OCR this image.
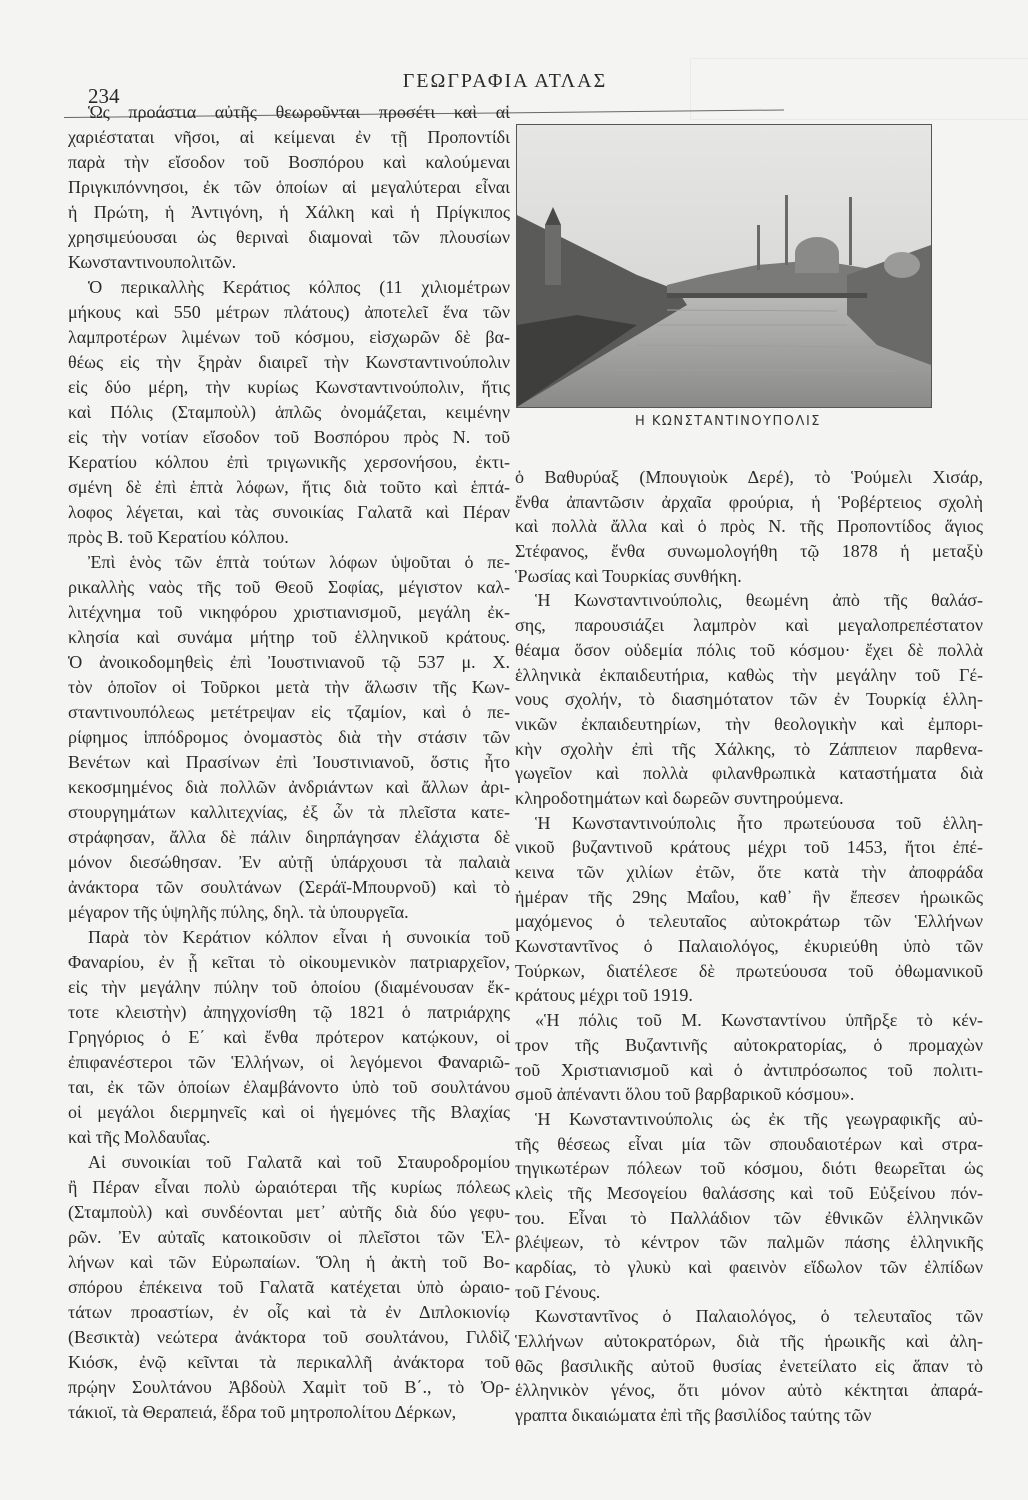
234
ΓΕΩΓΡΑΦΙΑ ΑΤΛΑΣ
Ὡς προάστια αὐτῆς θεωροῦνται προσέτι καὶ αἱ
χαριέσταται νῆσοι, αἱ κείμεναι ἐν τῇ Προποντίδι
παρὰ τὴν εἴσοδον τοῦ Βοσπόρου καὶ καλούμεναι
Πριγκιπόννησοι, ἐκ τῶν ὁποίων αἱ μεγαλύτεραι εἶναι
ἡ Πρώτη, ἡ Ἀντιγόνη, ἡ Χάλκη καὶ ἡ Πρίγκιπος
χρησιμεύουσαι ὡς θεριναὶ διαμοναὶ τῶν πλουσίων
Κωνσταντινουπολιτῶν.
Ὁ περικαλλὴς Κεράτιος κόλπος (11 χιλιομέτρων
μήκους καὶ 550 μέτρων πλάτους) ἀποτελεῖ ἕνα τῶν
λαμπροτέρων λιμένων τοῦ κόσμου, εἰσχωρῶν δὲ βα-
θέως εἰς τὴν ξηρὰν διαιρεῖ τὴν Κωνσταντινούπολιν
εἰς δύο μέρη, τὴν κυρίως Κωνσταντινούπολιν, ἥτις
καὶ Πόλις (Σταμποὺλ) ἁπλῶς ὀνομάζεται, κειμένην
εἰς τὴν νοτίαν εἴσοδον τοῦ Βοσπόρου πρὸς Ν. τοῦ
Κερατίου κόλπου ἐπὶ τριγωνικῆς χερσονήσου, ἐκτι-
σμένη δὲ ἐπὶ ἑπτὰ λόφων, ἥτις διὰ τοῦτο καὶ ἑπτά-
λοφος λέγεται, καὶ τὰς συνοικίας Γαλατᾶ καὶ Πέραν
πρὸς Β. τοῦ Κερατίου κόλπου.
Ἐπὶ ἑνὸς τῶν ἑπτὰ τούτων λόφων ὑψοῦται ὁ πε-
ρικαλλὴς ναὸς τῆς τοῦ Θεοῦ Σοφίας, μέγιστον καλ-
λιτέχνημα τοῦ νικηφόρου χριστιανισμοῦ, μεγάλη ἐκ-
κλησία καὶ συνάμα μήτηρ τοῦ ἑλληνικοῦ κράτους.
Ὁ ἀνοικοδομηθεὶς ἐπὶ Ἰουστινιανοῦ τῷ 537 μ. Χ.
τὸν ὁποῖον οἱ Τοῦρκοι μετὰ τὴν ἅλωσιν τῆς Κων-
σταντινουπόλεως μετέτρεψαν εἰς τζαμίον, καὶ ὁ πε-
ρίφημος ἱππόδρομος ὀνομαστὸς διὰ τὴν στάσιν τῶν
Βενέτων καὶ Πρασίνων ἐπὶ Ἰουστινιανοῦ, ὅστις ἦτο
κεκοσμημένος διὰ πολλῶν ἀνδριάντων καὶ ἄλλων ἀρι-
στουργημάτων καλλιτεχνίας, ἐξ ὧν τὰ πλεῖστα κατε-
στράφησαν, ἄλλα δὲ πάλιν διηρπάγησαν ἐλάχιστα δὲ
μόνον διεσώθησαν. Ἐν αὐτῇ ὑπάρχουσι τὰ παλαιὰ
ἀνάκτορα τῶν σουλτάνων (Σεράϊ-Μπουρνοῦ) καὶ τὸ
μέγαρον τῆς ὑψηλῆς πύλης, δηλ. τὰ ὑπουργεῖα.
Παρὰ τὸν Κεράτιον κόλπον εἶναι ἡ συνοικία τοῦ
Φαναρίου, ἐν ᾗ κεῖται τὸ οἰκουμενικὸν πατριαρχεῖον,
εἰς τὴν μεγάλην πύλην τοῦ ὁποίου (διαμένουσαν ἔκ-
τοτε κλειστὴν) ἀπηγχονίσθη τῷ 1821 ὁ πατριάρχης
Γρηγόριος ὁ Ε΄ καὶ ἔνθα πρότερον κατῴκουν, οἱ
ἐπιφανέστεροι τῶν Ἑλλήνων, οἱ λεγόμενοι Φαναριῶ-
ται, ἐκ τῶν ὁποίων ἐλαμβάνοντο ὑπὸ τοῦ σουλτάνου
οἱ μεγάλοι διερμηνεῖς καὶ οἱ ἡγεμόνες τῆς Βλαχίας
καὶ τῆς Μολδαυΐας.
Αἱ συνοικίαι τοῦ Γαλατᾶ καὶ τοῦ Σταυροδρομίου
ἢ Πέραν εἶναι πολὺ ὡραιότεραι τῆς κυρίως πόλεως
(Σταμποὺλ) καὶ συνδέονται μετ᾽ αὐτῆς διὰ δύο γεφυ-
ρῶν. Ἐν αὐταῖς κατοικοῦσιν οἱ πλεῖστοι τῶν Ἑλ-
λήνων καὶ τῶν Εὐρωπαίων. Ὅλη ἡ ἀκτὴ τοῦ Βο-
σπόρου ἐπέκεινα τοῦ Γαλατᾶ κατέχεται ὑπὸ ὡραιο-
τάτων προαστίων, ἐν οἷς καὶ τὰ ἐν Διπλοκιονίῳ
(Βεσικτὰ) νεώτερα ἀνάκτορα τοῦ σουλτάνου, Γιλδὶζ
Κιόσκ, ἐνῷ κεῖνται τὰ περικαλλῆ ἀνάκτορα τοῦ
πρῴην Σουλτάνου Ἀβδοὺλ Χαμὶτ τοῦ Β΄., τὸ Ὀρ-
τάκιοϊ, τὰ Θεραπειά, ἕδρα τοῦ μητροπολίτου Δέρκων,
Η ΚΩΝΣΤΑΝΤΙΝΟΥΠΟΛΙΣ
ὁ Βαθυρύαξ (Μπουγιοὺκ Δερέ), τὸ Ῥούμελι Χισάρ,
ἔνθα ἀπαντῶσιν ἀρχαῖα φρούρια, ἡ Ῥοβέρτειος σχολὴ
καὶ πολλὰ ἄλλα καὶ ὁ πρὸς Ν. τῆς Προποντίδος ἅγιος
Στέφανος, ἔνθα συνωμολογήθη τῷ 1878 ἡ μεταξὺ
Ῥωσίας καὶ Τουρκίας συνθήκη.
Ἡ Κωνσταντινούπολις, θεωμένη ἀπὸ τῆς θαλάσ-
σης, παρουσιάζει λαμπρὸν καὶ μεγαλοπρεπέστατον
θέαμα ὅσον οὐδεμία πόλις τοῦ κόσμου· ἔχει δὲ πολλὰ
ἑλληνικὰ ἐκπαιδευτήρια, καθὼς τὴν μεγάλην τοῦ Γέ-
νους σχολήν, τὸ διασημότατον τῶν ἐν Τουρκίᾳ ἑλλη-
νικῶν ἐκπαιδευτηρίων, τὴν θεολογικὴν καὶ ἐμπορι-
κὴν σχολὴν ἐπὶ τῆς Χάλκης, τὸ Ζάππειον παρθενα-
γωγεῖον καὶ πολλὰ φιλανθρωπικὰ καταστήματα διὰ
κληροδοτημάτων καὶ δωρεῶν συντηρούμενα.
Ἡ Κωνσταντινούπολις ἦτο πρωτεύουσα τοῦ ἑλλη-
νικοῦ βυζαντινοῦ κράτους μέχρι τοῦ 1453, ἤτοι ἐπέ-
κεινα τῶν χιλίων ἐτῶν, ὅτε κατὰ τὴν ἀποφράδα
ἡμέραν τῆς 29ης Μαΐου, καθ᾽ ἣν ἔπεσεν ἡρωικῶς
μαχόμενος ὁ τελευταῖος αὐτοκράτωρ τῶν Ἑλλήνων
Κωνσταντῖνος ὁ Παλαιολόγος, ἐκυριεύθη ὑπὸ τῶν
Τούρκων, διατέλεσε δὲ πρωτεύουσα τοῦ ὀθωμανικοῦ
κράτους μέχρι τοῦ 1919.
«Ἡ πόλις τοῦ Μ. Κωνσταντίνου ὑπῆρξε τὸ κέν-
τρον τῆς Βυζαντινῆς αὐτοκρατορίας, ὁ προμαχὼν
τοῦ Χριστιανισμοῦ καὶ ὁ ἀντιπρόσωπος τοῦ πολιτι-
σμοῦ ἀπέναντι ὅλου τοῦ βαρβαρικοῦ κόσμου».
Ἡ Κωνσταντινούπολις ὡς ἐκ τῆς γεωγραφικῆς αὐ-
τῆς θέσεως εἶναι μία τῶν σπουδαιοτέρων καὶ στρα-
τηγικωτέρων πόλεων τοῦ κόσμου, διότι θεωρεῖται ὡς
κλεὶς τῆς Μεσογείου θαλάσσης καὶ τοῦ Εὐξείνου πόν-
του. Εἶναι τὸ Παλλάδιον τῶν ἐθνικῶν ἑλληνικῶν
βλέψεων, τὸ κέντρον τῶν παλμῶν πάσης ἑλληνικῆς
καρδίας, τὸ γλυκὺ καὶ φαεινὸν εἴδωλον τῶν ἐλπίδων
τοῦ Γένους.
Κωνσταντῖνος ὁ Παλαιολόγος, ὁ τελευταῖος τῶν
Ἑλλήνων αὐτοκρατόρων, διὰ τῆς ἡρωικῆς καὶ ἀλη-
θῶς βασιλικῆς αὐτοῦ θυσίας ἐνετείλατο εἰς ἅπαν τὸ
ἑλληνικὸν γένος, ὅτι μόνον αὐτὸ κέκτηται ἀπαρά-
γραπτα δικαιώματα ἐπὶ τῆς βασιλίδος ταύτης τῶν
